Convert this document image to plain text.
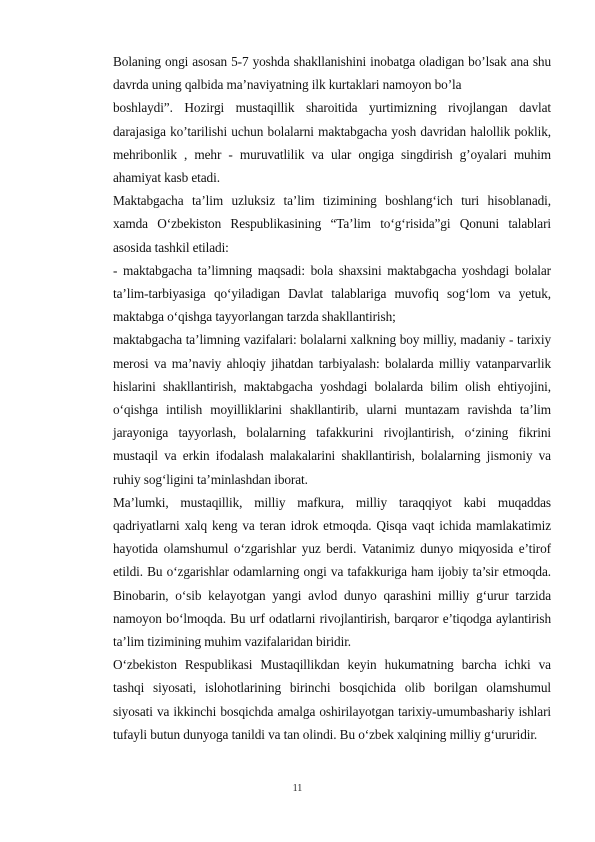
Bolaning ongi asosan 5-7 yoshda shakllanishini inobatga oladigan bo’lsak ana shu davrda uning qalbida ma’naviyatning ilk kurtaklari namoyon bo’la

boshlaydi”. Hozirgi mustaqillik sharoitida yurtimizning rivojlangan davlat darajasiga ko’tarilishi uchun bolalarni maktabgacha yosh davridan halollik poklik, mehribonlik , mehr - muruvatlilik va ular ongiga singdirish g’oyalari muhim ahamiyat kasb etadi.

Maktabgacha ta’lim uzluksiz ta’lim tizimining boshlang‘ich turi hisoblanadi, xamda O‘zbekiston Respublikasining “Ta’lim to‘g‘risida”gi Qonuni talablari asosida tashkil etiladi:

- maktabgacha ta’limning maqsadi: bola shaxsini maktabgacha yoshdagi bolalar ta’lim-tarbiyasiga qo‘yiladigan Davlat talablariga muvofiq sog‘lom va yetuk, maktabga o‘qishga tayyorlangan tarzda shakllantirish;

maktabgacha ta’limning vazifalari: bolalarni xalkning boy milliy, madaniy - tarixiy merosi va ma’naviy ahloqiy jihatdan tarbiyalash: bolalarda milliy vatanparvarlik hislarini shakllantirish, maktabgacha yoshdagi bolalarda bilim olish ehtiyojini, o‘qishga intilish moyilliklarini shakllantirib, ularni muntazam ravishda ta’lim jarayoniga tayyorlash, bolalarning tafakkurini rivojlantirish, o‘zining fikrini mustaqil va erkin ifodalash malakalarini shakllantirish, bolalarning jismoniy va ruhiy sog‘ligini ta’minlashdan iborat.

Ma’lumki, mustaqillik, milliy mafkura, milliy taraqqiyot kabi muqaddas qadriyatlarni xalq keng va teran idrok etmoqda. Qisqa vaqt ichida mamlakatimiz hayotida olamshumul o‘zgarishlar yuz berdi. Vatanimiz dunyo miqyosida e’tirof etildi. Bu o‘zgarishlar odamlarning ongi va tafakkuriga ham ijobiy ta’sir etmoqda. Binobarin, o‘sib kelayotgan yangi avlod dunyo qarashini milliy g‘urur tarzida namoyon bo‘lmoqda. Bu urf odatlarni rivojlantirish, barqaror e’tiqodga aylantirish ta’lim tizimining muhim vazifalaridan biridir.

O‘zbekiston Respublikasi Mustaqillikdan keyin hukumatning barcha ichki va tashqi siyosati, islohotlarining birinchi bosqichida olib borilgan olamshumul siyosati va ikkinchi bosqichda amalga oshirilayotgan tarixiy-umumbashariy ishlari tufayli butun dunyoga tanildi va tan olindi. Bu o‘zbek xalqining milliy g‘ururidir.

11
